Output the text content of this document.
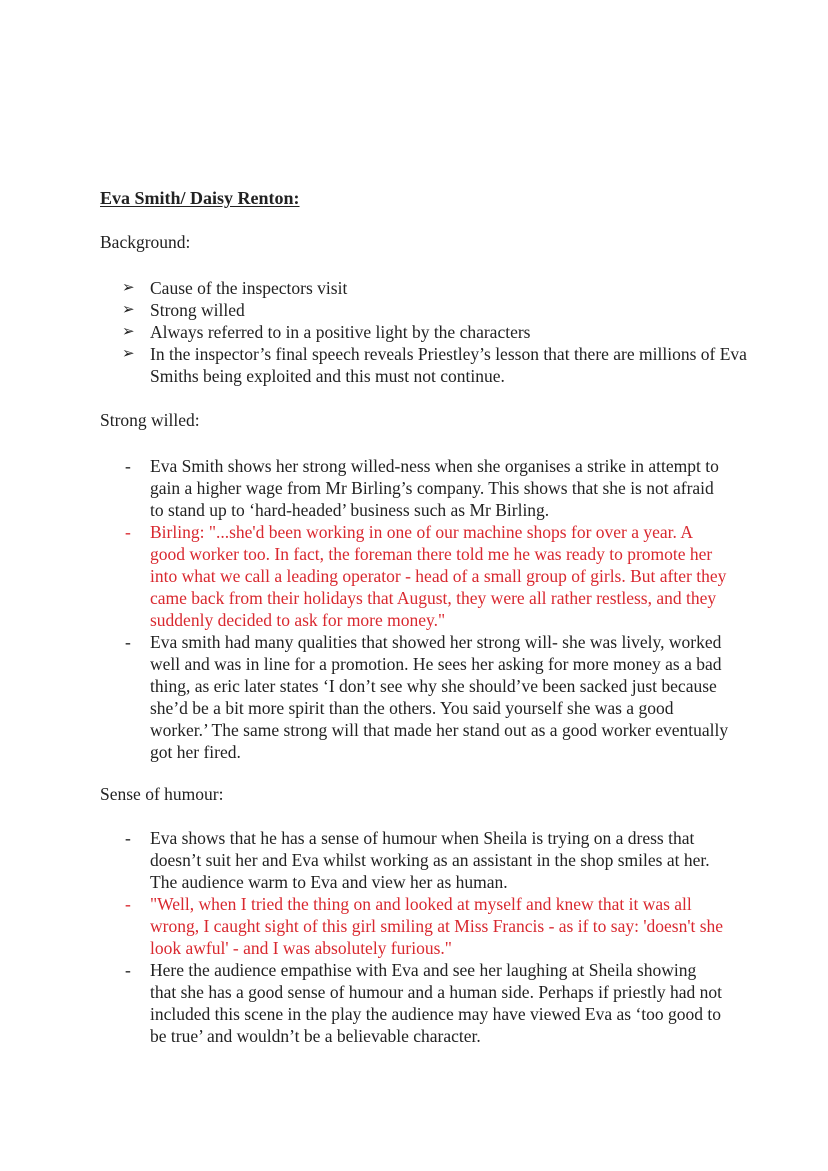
Eva Smith/ Daisy Renton:
Background:
➢ Cause of the inspectors visit
➢ Strong willed
➢ Always referred to in a positive light by the characters
➢ In the inspector’s final speech reveals Priestley’s lesson that there are millions of Eva Smiths being exploited and this must not continue.
Strong willed:
- Eva Smith shows her strong willed-ness when she organises a strike in attempt to gain a higher wage from Mr Birling’s company. This shows that she is not afraid to stand up to ‘hard-headed’ business such as Mr Birling.
- Birling: "...she'd been working in one of our machine shops for over a year. A good worker too. In fact, the foreman there told me he was ready to promote her into what we call a leading operator - head of a small group of girls. But after they came back from their holidays that August, they were all rather restless, and they suddenly decided to ask for more money."
- Eva smith had many qualities that showed her strong will- she was lively, worked well and was in line for a promotion. He sees her asking for more money as a bad thing, as eric later states ‘I don’t see why she should’ve been sacked just because she’d be a bit more spirit than the others. You said yourself she was a good worker.’ The same strong will that made her stand out as a good worker eventually got her fired.
Sense of humour:
- Eva shows that he has a sense of humour when Sheila is trying on a dress that doesn’t suit her and Eva whilst working as an assistant in the shop smiles at her. The audience warm to Eva and view her as human.
- "Well, when I tried the thing on and looked at myself and knew that it was all wrong, I caught sight of this girl smiling at Miss Francis - as if to say: 'doesn't she look awful' - and I was absolutely furious."
- Here the audience empathise with Eva and see her laughing at Sheila showing that she has a good sense of humour and a human side. Perhaps if priestly had not included this scene in the play the audience may have viewed Eva as ‘too good to be true’ and wouldn’t be a believable character.
